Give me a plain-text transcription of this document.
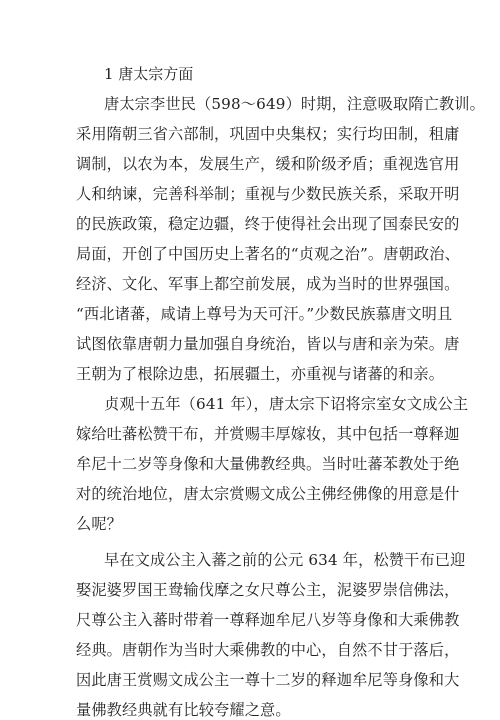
1 唐太宗方面
唐太宗李世民（598～649）时期，注意吸取隋亡教训。
采用隋朝三省六部制，巩固中央集权；实行均田制，租庸
调制，以农为本，发展生产，缓和阶级矛盾；重视选官用
人和纳谏，完善科举制；重视与少数民族关系，采取开明
的民族政策，稳定边疆，终于使得社会出现了国泰民安的
局面，开创了中国历史上著名的“贞观之治”。唐朝政治、
经济、文化、军事上都空前发展，成为当时的世界强国。
“西北诸蕃，咸请上尊号为天可汗。”少数民族慕唐文明且
试图依靠唐朝力量加强自身统治，皆以与唐和亲为荣。唐
王朝为了根除边患，拓展疆土，亦重视与诸蕃的和亲。
贞观十五年（641 年），唐太宗下诏将宗室女文成公主
嫁给吐蕃松赞干布，并赏赐丰厚嫁妆，其中包括一尊释迦
牟尼十二岁等身像和大量佛教经典。当时吐蕃苯教处于绝
对的统治地位，唐太宗赏赐文成公主佛经佛像的用意是什
么呢？
早在文成公主入蕃之前的公元 634 年，松赞干布已迎
娶泥婆罗国王鸯输伐摩之女尺尊公主，泥婆罗崇信佛法，
尺尊公主入蕃时带着一尊释迦牟尼八岁等身像和大乘佛教
经典。唐朝作为当时大乘佛教的中心，自然不甘于落后，
因此唐王赏赐文成公主一尊十二岁的释迦牟尼等身像和大
量佛教经典就有比较夸耀之意。
